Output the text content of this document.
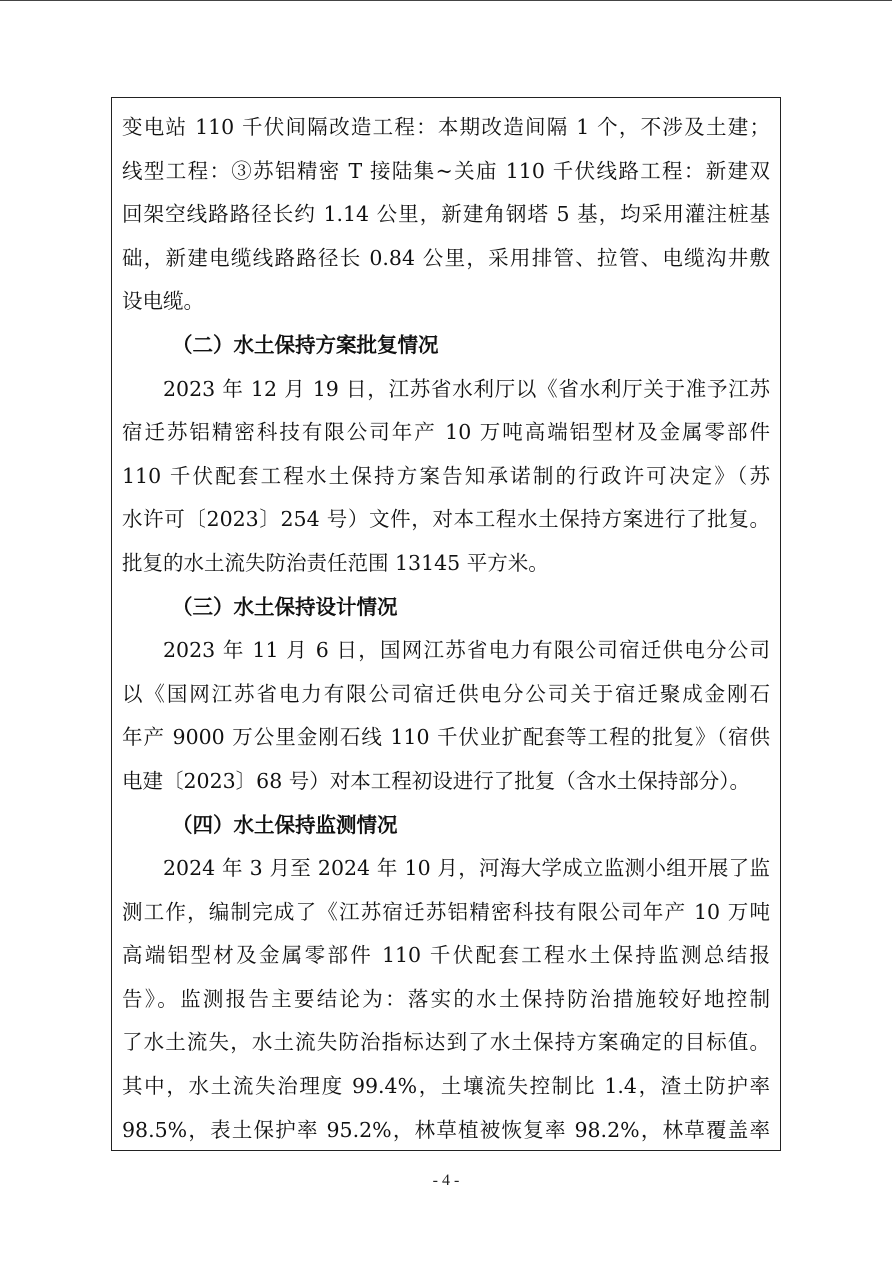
变电站 110 千伏间隔改造工程：本期改造间隔 1 个，不涉及土建；
线型工程：③苏铝精密 T 接陆集~关庙 110 千伏线路工程：新建双
回架空线路路径长约 1.14 公里，新建角钢塔 5 基，均采用灌注桩基
础，新建电缆线路路径长 0.84 公里，采用排管、拉管、电缆沟井敷
设电缆。
（二）水土保持方案批复情况
2023 年 12 月 19 日，江苏省水利厅以《省水利厅关于准予江苏
宿迁苏铝精密科技有限公司年产 10 万吨高端铝型材及金属零部件
110 千伏配套工程水土保持方案告知承诺制的行政许可决定》（苏
水许可〔2023〕254 号）文件，对本工程水土保持方案进行了批复。
批复的水土流失防治责任范围 13145 平方米。
（三）水土保持设计情况
2023 年 11 月 6 日，国网江苏省电力有限公司宿迁供电分公司
以《国网江苏省电力有限公司宿迁供电分公司关于宿迁聚成金刚石
年产 9000 万公里金刚石线 110 千伏业扩配套等工程的批复》（宿供
电建〔2023〕68 号）对本工程初设进行了批复（含水土保持部分）。
（四）水土保持监测情况
2024 年 3 月至 2024 年 10 月，河海大学成立监测小组开展了监
测工作，编制完成了《江苏宿迁苏铝精密科技有限公司年产 10 万吨
高端铝型材及金属零部件 110 千伏配套工程水土保持监测总结报
告》。监测报告主要结论为：落实的水土保持防治措施较好地控制
了水土流失，水土流失防治指标达到了水土保持方案确定的目标值。
其中，水土流失治理度 99.4%，土壤流失控制比 1.4，渣土防护率
98.5%，表土保护率 95.2%，林草植被恢复率 98.2%，林草覆盖率
- 4 -
